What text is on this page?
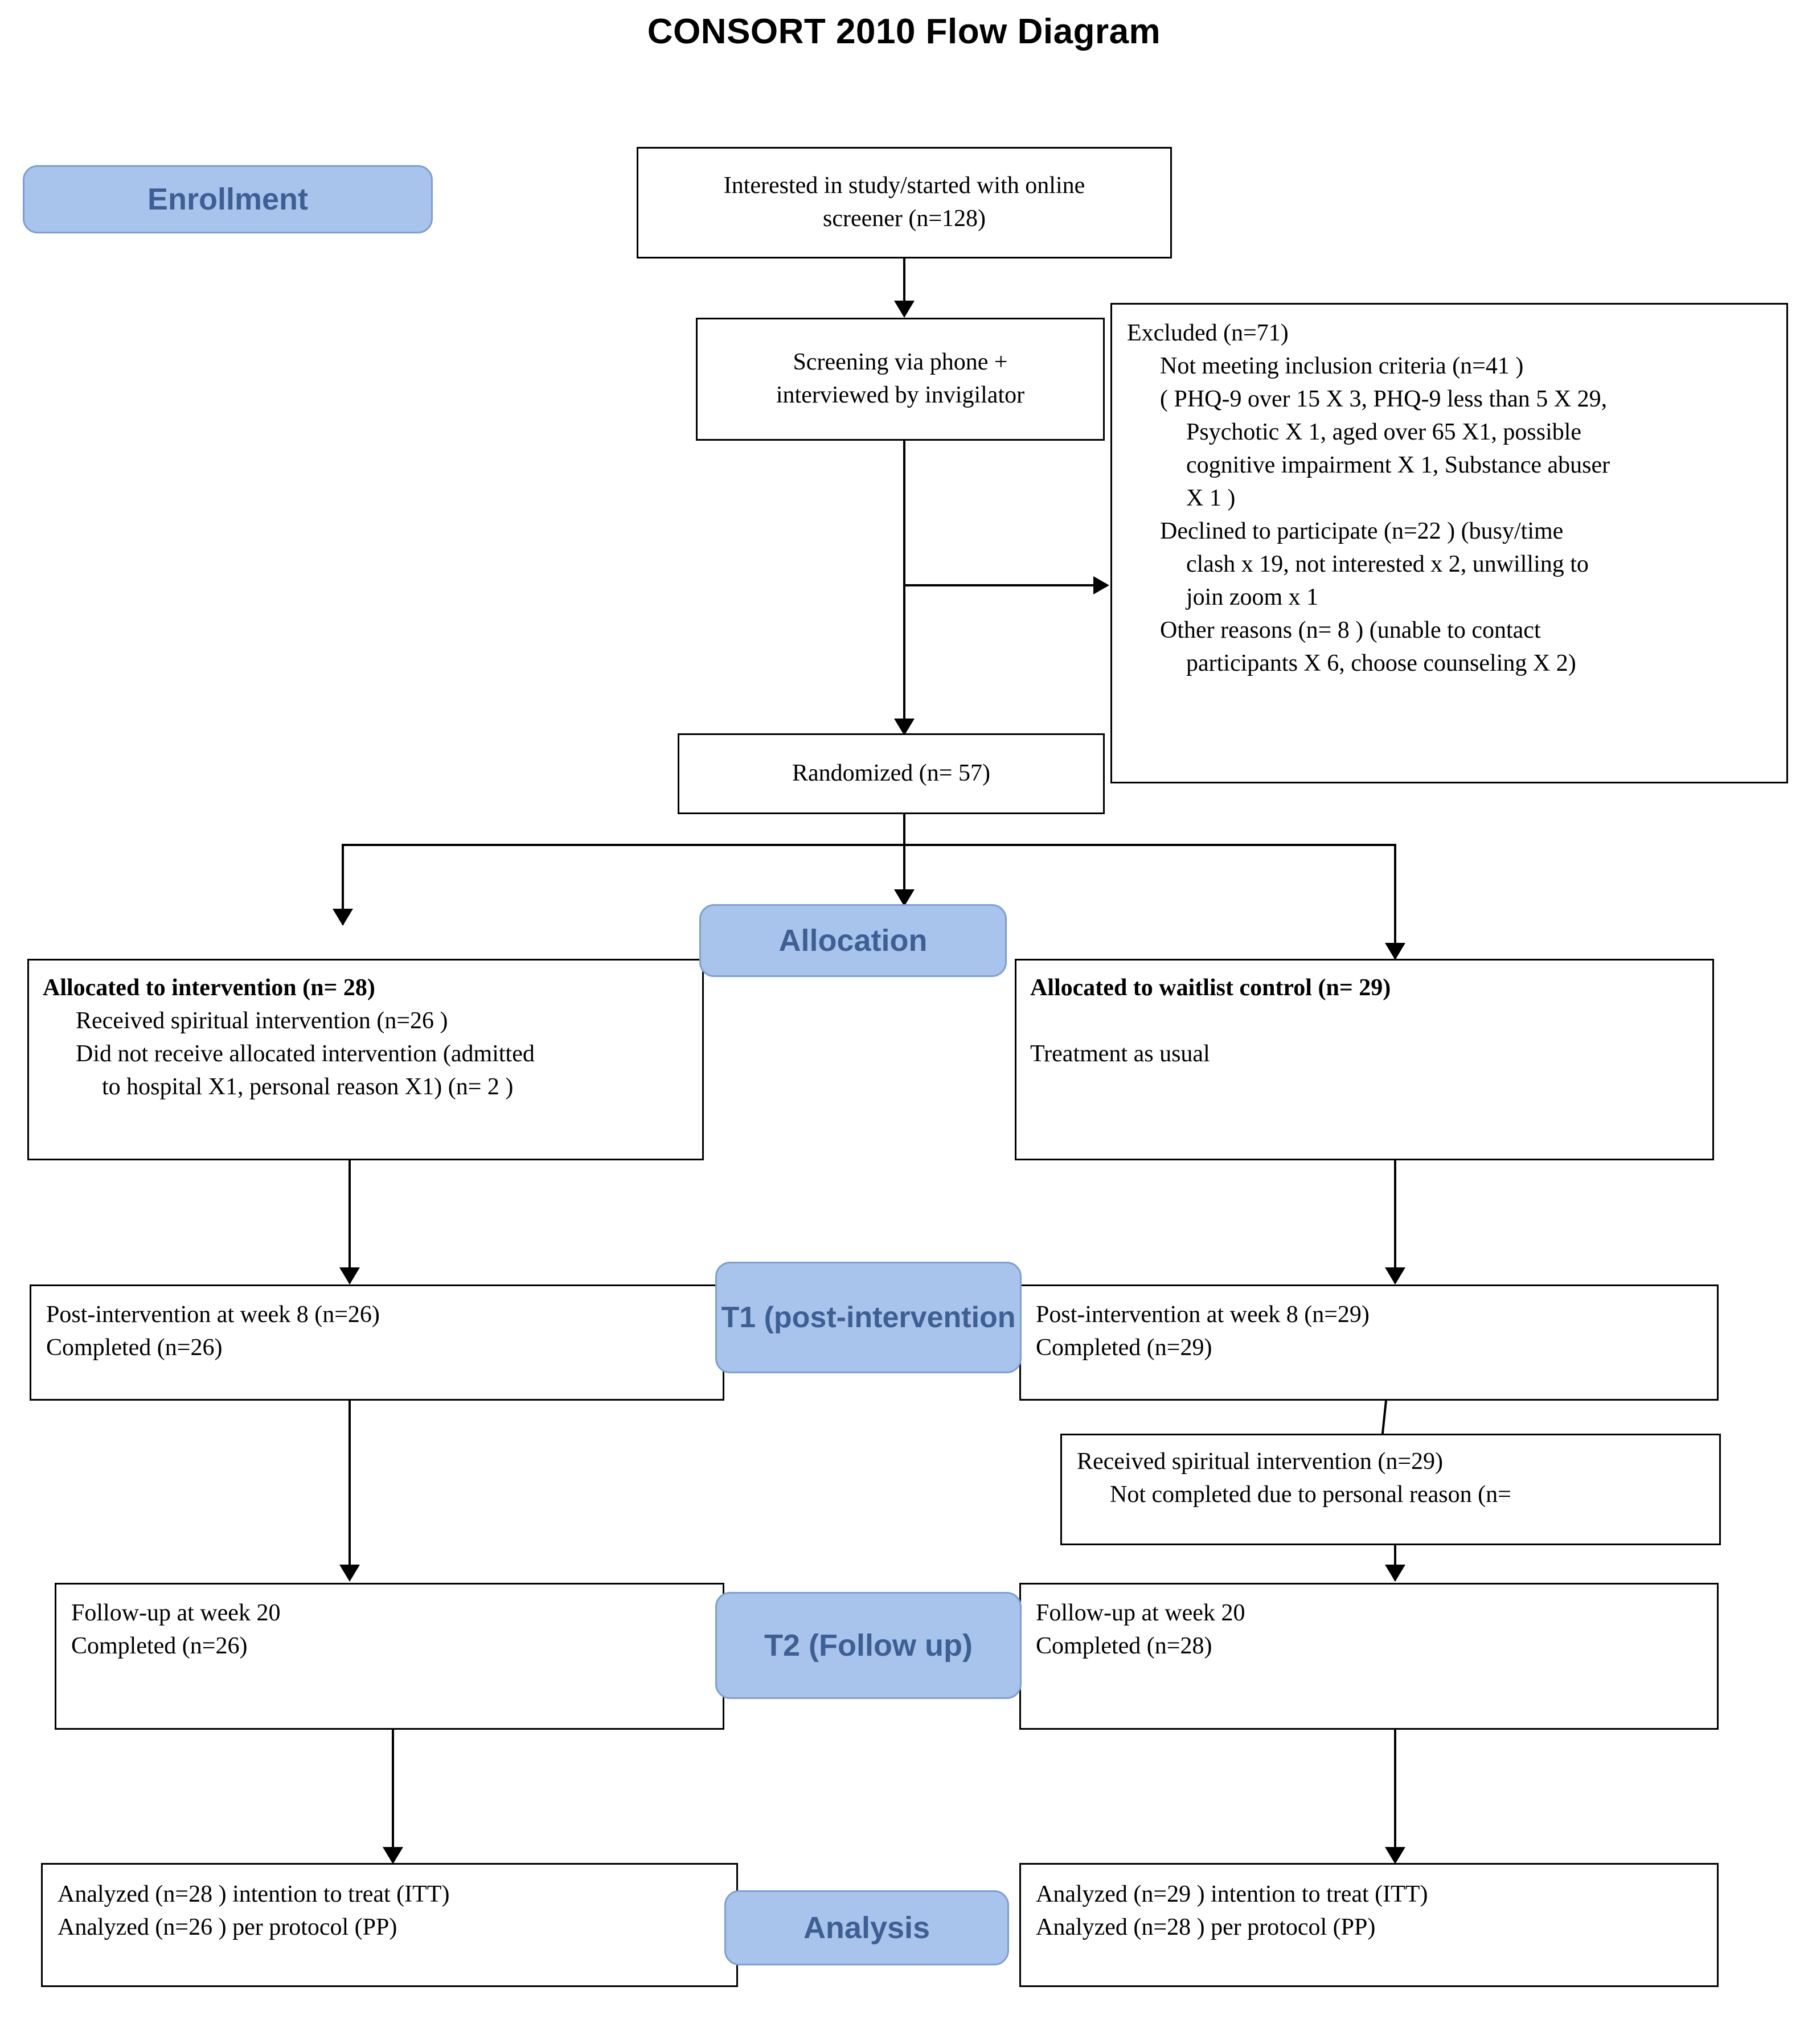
CONSORT 2010 Flow Diagram
Enrollment	Interested in study/started with online
screener (n=128)
Screening via phone +
interviewed by invigilator
Excluded (n=71)
Not meeting inclusion criteria (n=41 )
( PHQ-9 over 15 X 3, PHQ-9 less than 5 X 29,
Psychotic X 1, aged over 65 X1, possible
cognitive impairment X 1, Substance abuser
X 1 )
Declined to participate (n=22 ) (busy/time
clash x 19, not interested x 2, unwilling to
join zoom x 1
Other reasons (n= 8 ) (unable to contact
participants X 6, choose counseling X 2)
Randomized (n= 57)
Allocation
Allocated to intervention (n= 28)
Received spiritual intervention (n=26 )
Did not receive allocated intervention (admitted
to hospital X1, personal reason X1) (n= 2 )
Allocated to waitlist control (n= 29)
Treatment as usual
T1 (post-intervention
Post-intervention at week 8 (n=26)
Completed (n=26)
Post-intervention at week 8 (n=29)
Completed (n=29)
Received spiritual intervention (n=29)
Not completed due to personal reason (n=
T2 (Follow up)
Follow-up at week 20
Completed (n=26)
Follow-up at week 20
Completed (n=28)
Analysis
Analyzed (n=28 ) intention to treat (ITT)
Analyzed (n=26 ) per protocol (PP)
Analyzed (n=29 ) intention to treat (ITT)
Analyzed (n=28 ) per protocol (PP)
